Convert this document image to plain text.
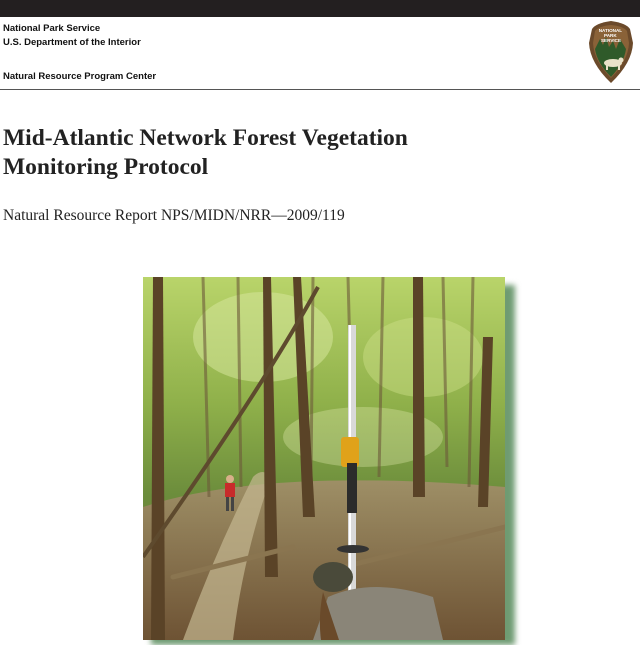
National Park Service
U.S. Department of the Interior
Natural Resource Program Center
NATIONAL PARK SERVICE
Mid-Atlantic Network Forest Vegetation
Monitoring Protocol
Natural Resource Report NPS/MIDN/NRR—2009/119
